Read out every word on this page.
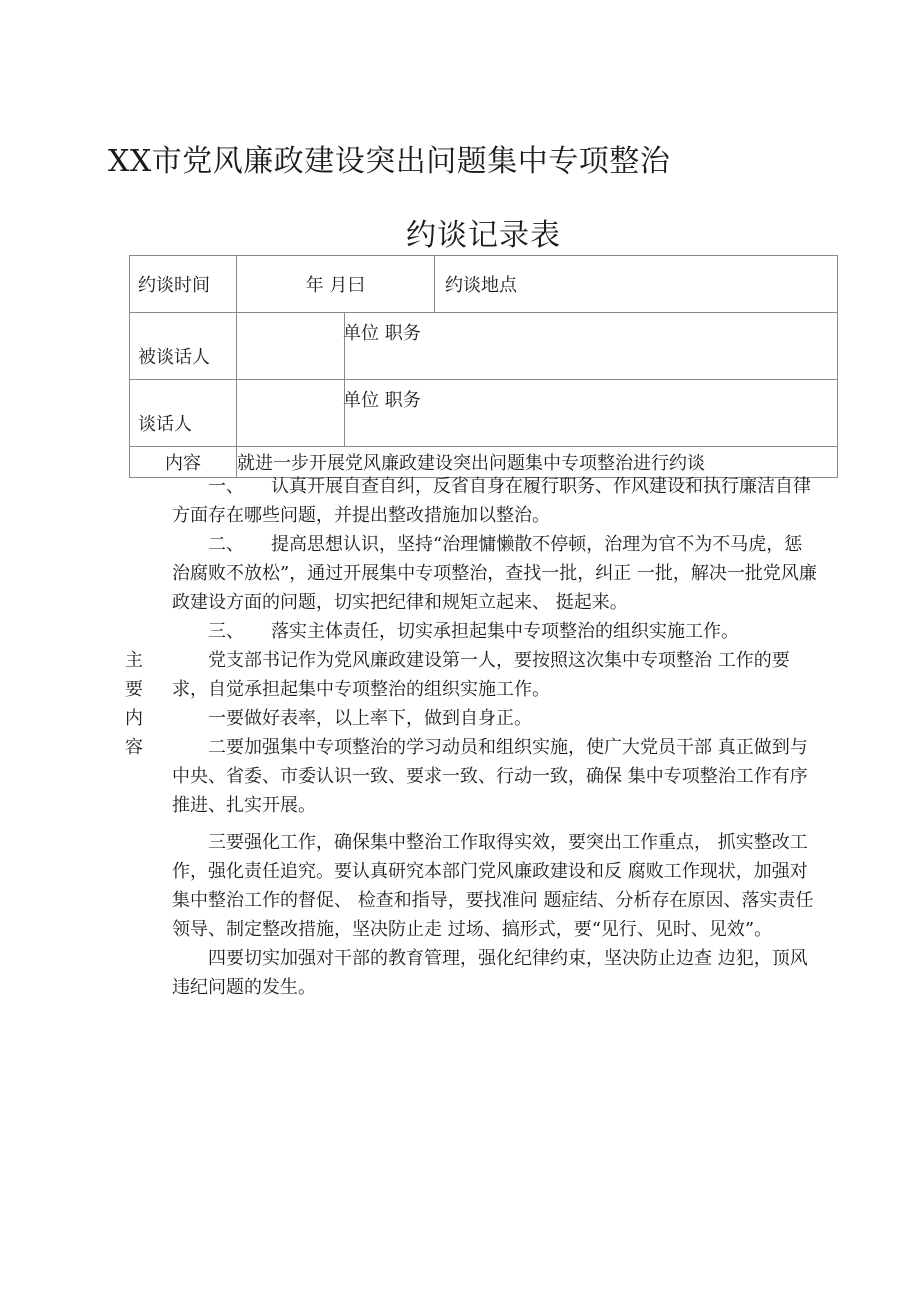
XX市党风廉政建设突出问题集中专项整治
约谈记录表
约谈时间	年 月曰		约谈地点
被谈话人		单位 职务	
谈话人		单位 职务	
内容	就进一步开展党风廉政建设突出问题集中专项整治进行约谈		
主
要
内
容

一、　　认真开展自查自纠，反省自身在履行职务、作风建设和执行廉洁自律方面存在哪些问题，并提出整改措施加以整治。

二、　　提高思想认识，坚持“治理慵懒散不停顿，治理为官不为不马虎，惩治腐败不放松”，通过开展集中专项整治，查找一批，纠正 一批，解决一批党风廉政建设方面的问题，切实把纪律和规矩立起来、 挺起来。

三、　　落实主体责任，切实承担起集中专项整治的组织实施工作。

党支部书记作为党风廉政建设第一人，要按照这次集中专项整治 工作的要求，自觉承担起集中专项整治的组织实施工作。

一要做好表率，以上率下，做到自身正。

二要加强集中专项整治的学习动员和组织实施，使广大党员干部 真正做到与中央、省委、市委认识一致、要求一致、行动一致，确保 集中专项整治工作有序推进、扎实开展。

三要强化工作，确保集中整治工作取得实效，要突出工作重点， 抓实整改工作，强化责任追究。要认真研究本部门党风廉政建设和反 腐败工作现状，加强对集中整治工作的督促、 检查和指导，要找准问 题症结、分析存在原因、落实责任领导、制定整改措施，坚决防止走 过场、搞形式，要“见行、见时、见效”。

四要切实加强对干部的教育管理，强化纪律约束，坚决防止边查 边犯，顶风违纪问题的发生。
